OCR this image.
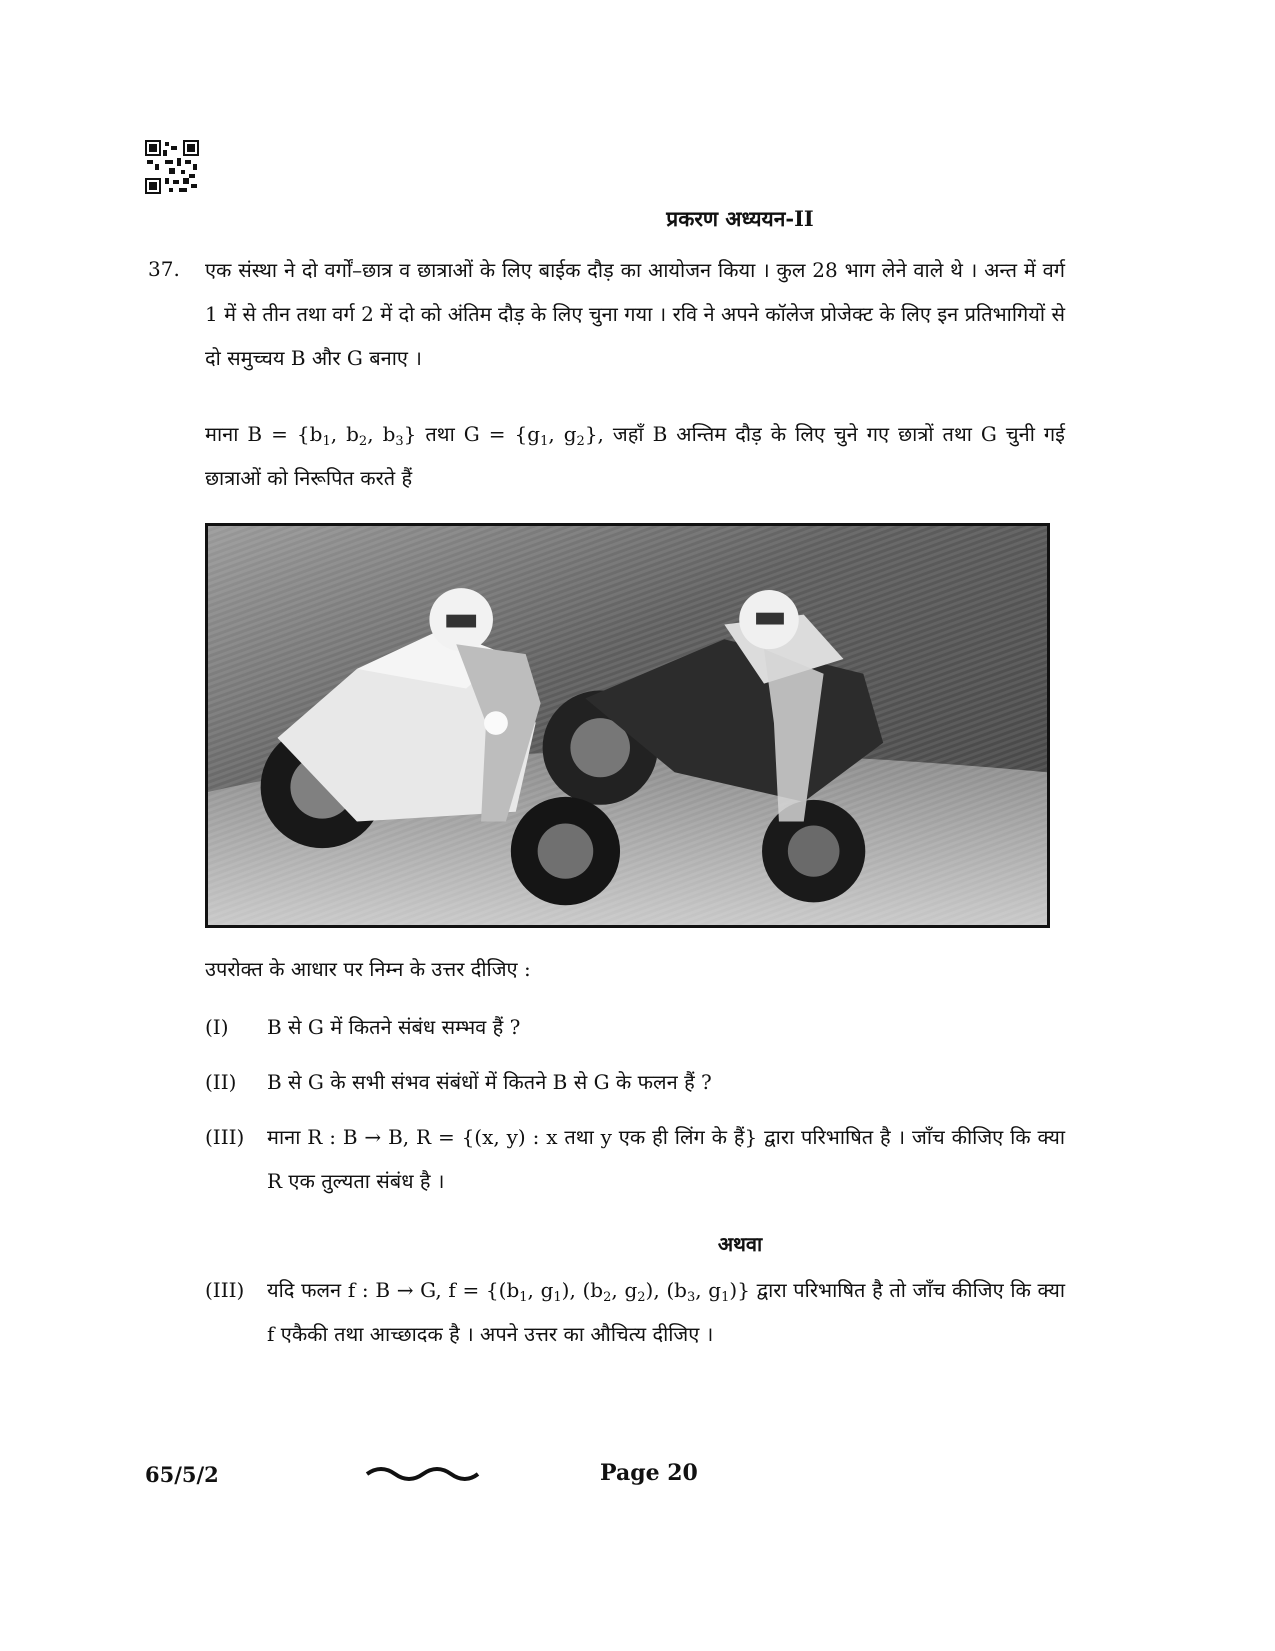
प्रकरण अध्ययन-II
37. एक संस्था ने दो वर्गों–छात्र व छात्राओं के लिए बाईक दौड़ का आयोजन किया । कुल 28 भाग लेने वाले थे । अन्त में वर्ग 1 में से तीन तथा वर्ग 2 में दो को अंतिम दौड़ के लिए चुना गया । रवि ने अपने कॉलेज प्रोजेक्ट के लिए इन प्रतिभागियों से दो समुच्चय B और G बनाए ।
माना $B = \{b_1$, $b_2$, $b_3$} तथा $G = \{g_1$, $g_2$}, जहाँ B अन्तिम दौड़ के लिए चुने गए छात्रों तथा G चुनी गई छात्राओं को निरूपित करते हैं
उपरोक्त के आधार पर निम्न के उत्तर दीजिए :
(I) B से G में कितने संबंध सम्भव हैं ?
(II) B से G के सभी संभव संबंधों में कितने B से G के फलन हैं ?
(III) माना R : B → B, R = {(x, y) : x तथा y एक ही लिंग के हैं} द्वारा परिभाषित है । जाँच कीजिए कि क्या R एक तुल्यता संबंध है ।
अथवा
(III) यदि फलन f : B → G, $f = \{(b_1$, $g_1$), ($b_2$, $g_2$), ($b_3$, $g_1$)} द्वारा परिभाषित है तो जाँच कीजिए कि क्या f एकैकी तथा आच्छादक है । अपने उत्तर का औचित्य दीजिए ।
65/5/2	Page 20
